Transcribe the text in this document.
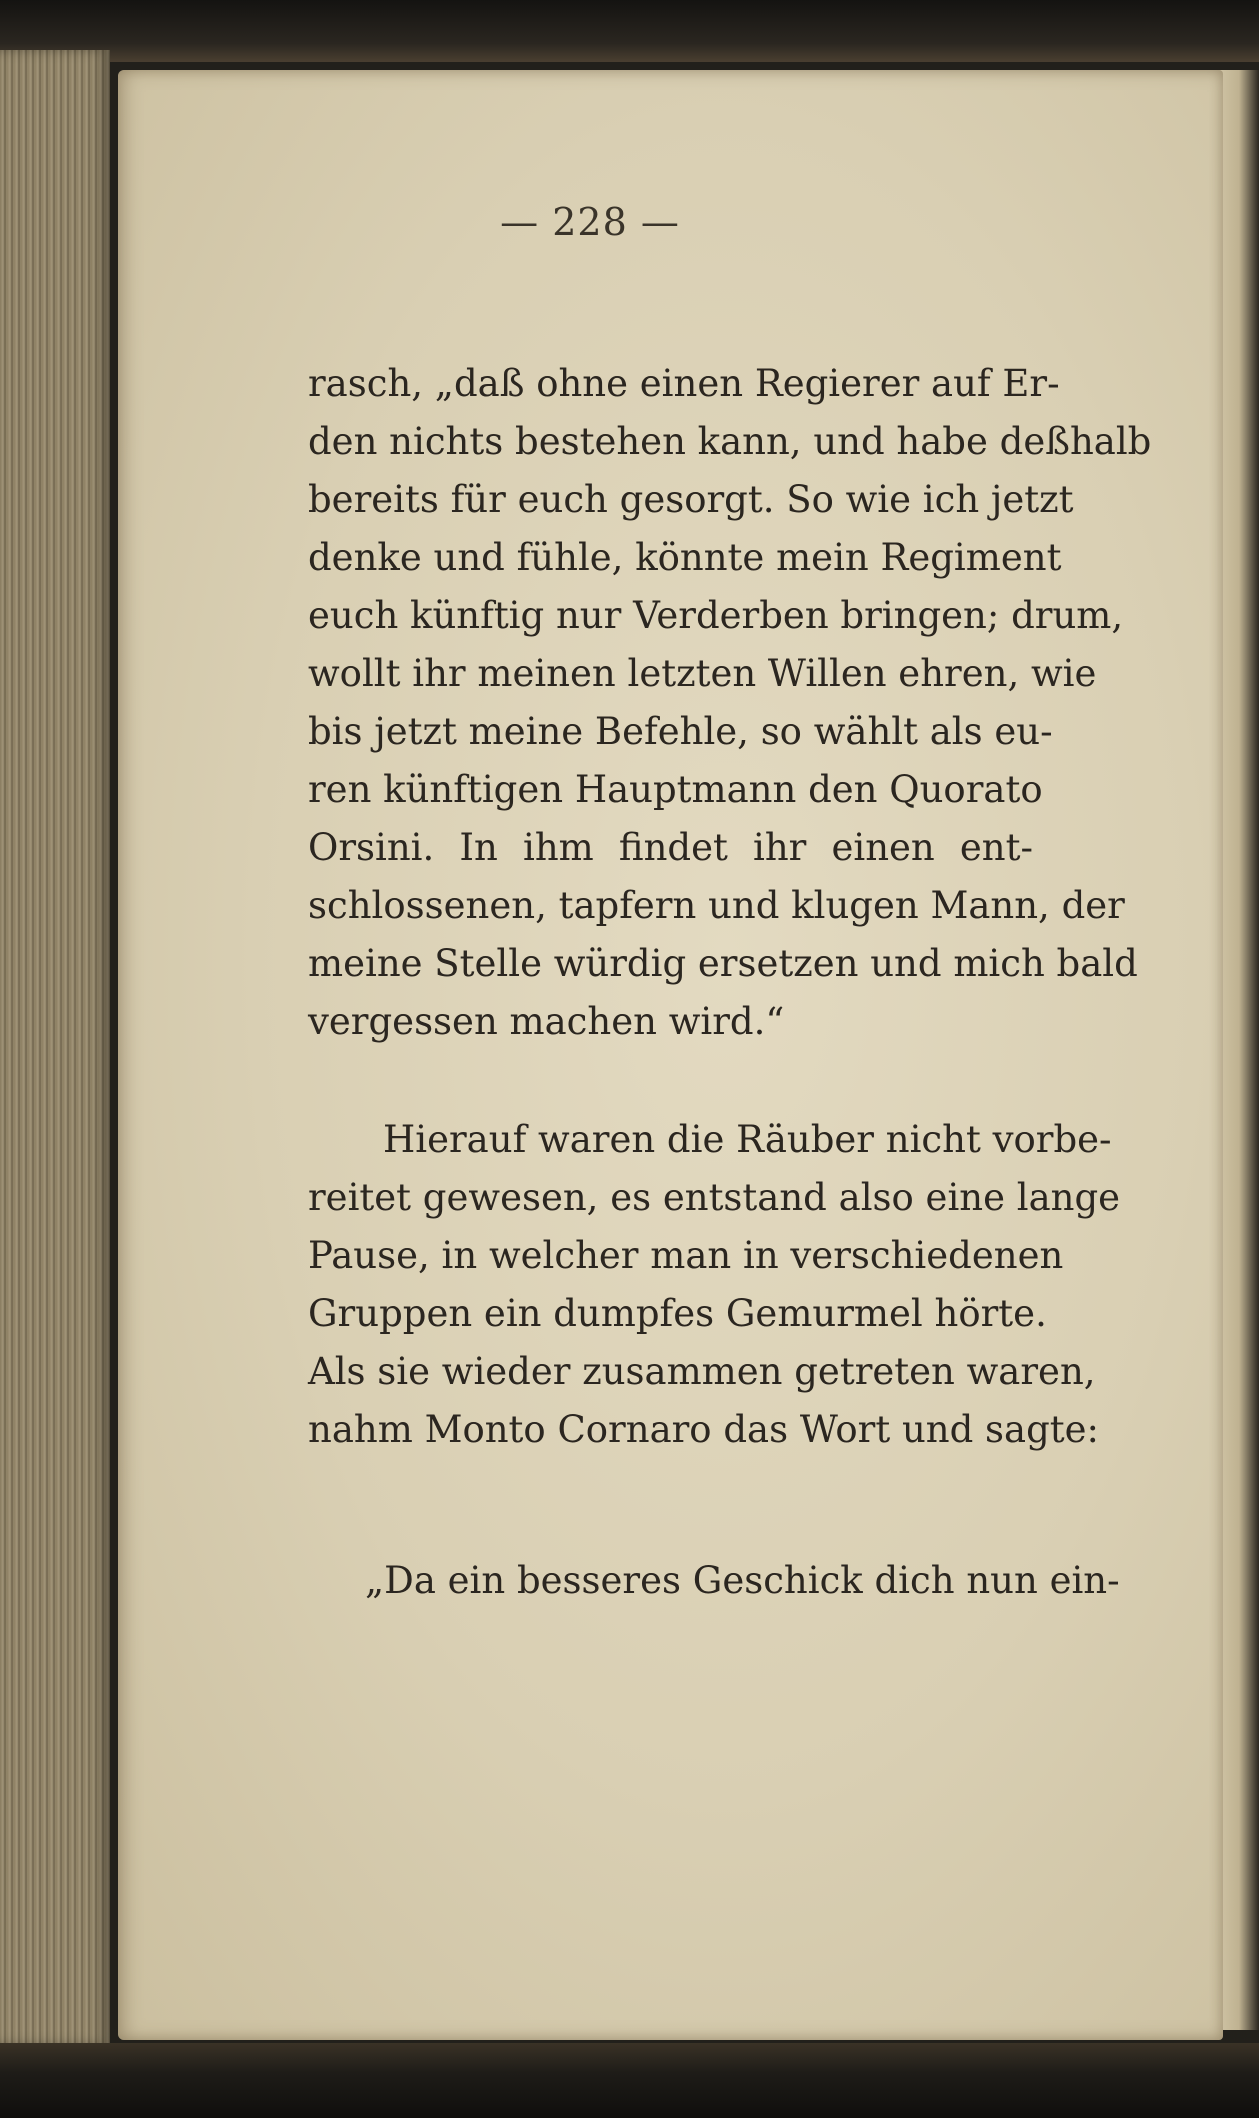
— 228 —
rasch, „daß ohne einen Regierer auf Er-
den nichts bestehen kann, und habe deßhalb
bereits für euch gesorgt. So wie ich jetzt
denke und fühle, könnte mein Regiment
euch künftig nur Verderben bringen; drum,
wollt ihr meinen letzten Willen ehren, wie
bis jetzt meine Befehle, so wählt als eu-
ren künftigen Hauptmann den Quorato
Orsini. In ihm findet ihr einen ent-
schlossenen, tapfern und klugen Mann, der
meine Stelle würdig ersetzen und mich bald
vergessen machen wird.“
Hierauf waren die Räuber nicht vorbe-
reitet gewesen, es entstand also eine lange
Pause, in welcher man in verschiedenen
Gruppen ein dumpfes Gemurmel hörte.
Als sie wieder zusammen getreten waren,
nahm Monto Cornaro das Wort und sagte:
„Da ein besseres Geschick dich nun ein-
